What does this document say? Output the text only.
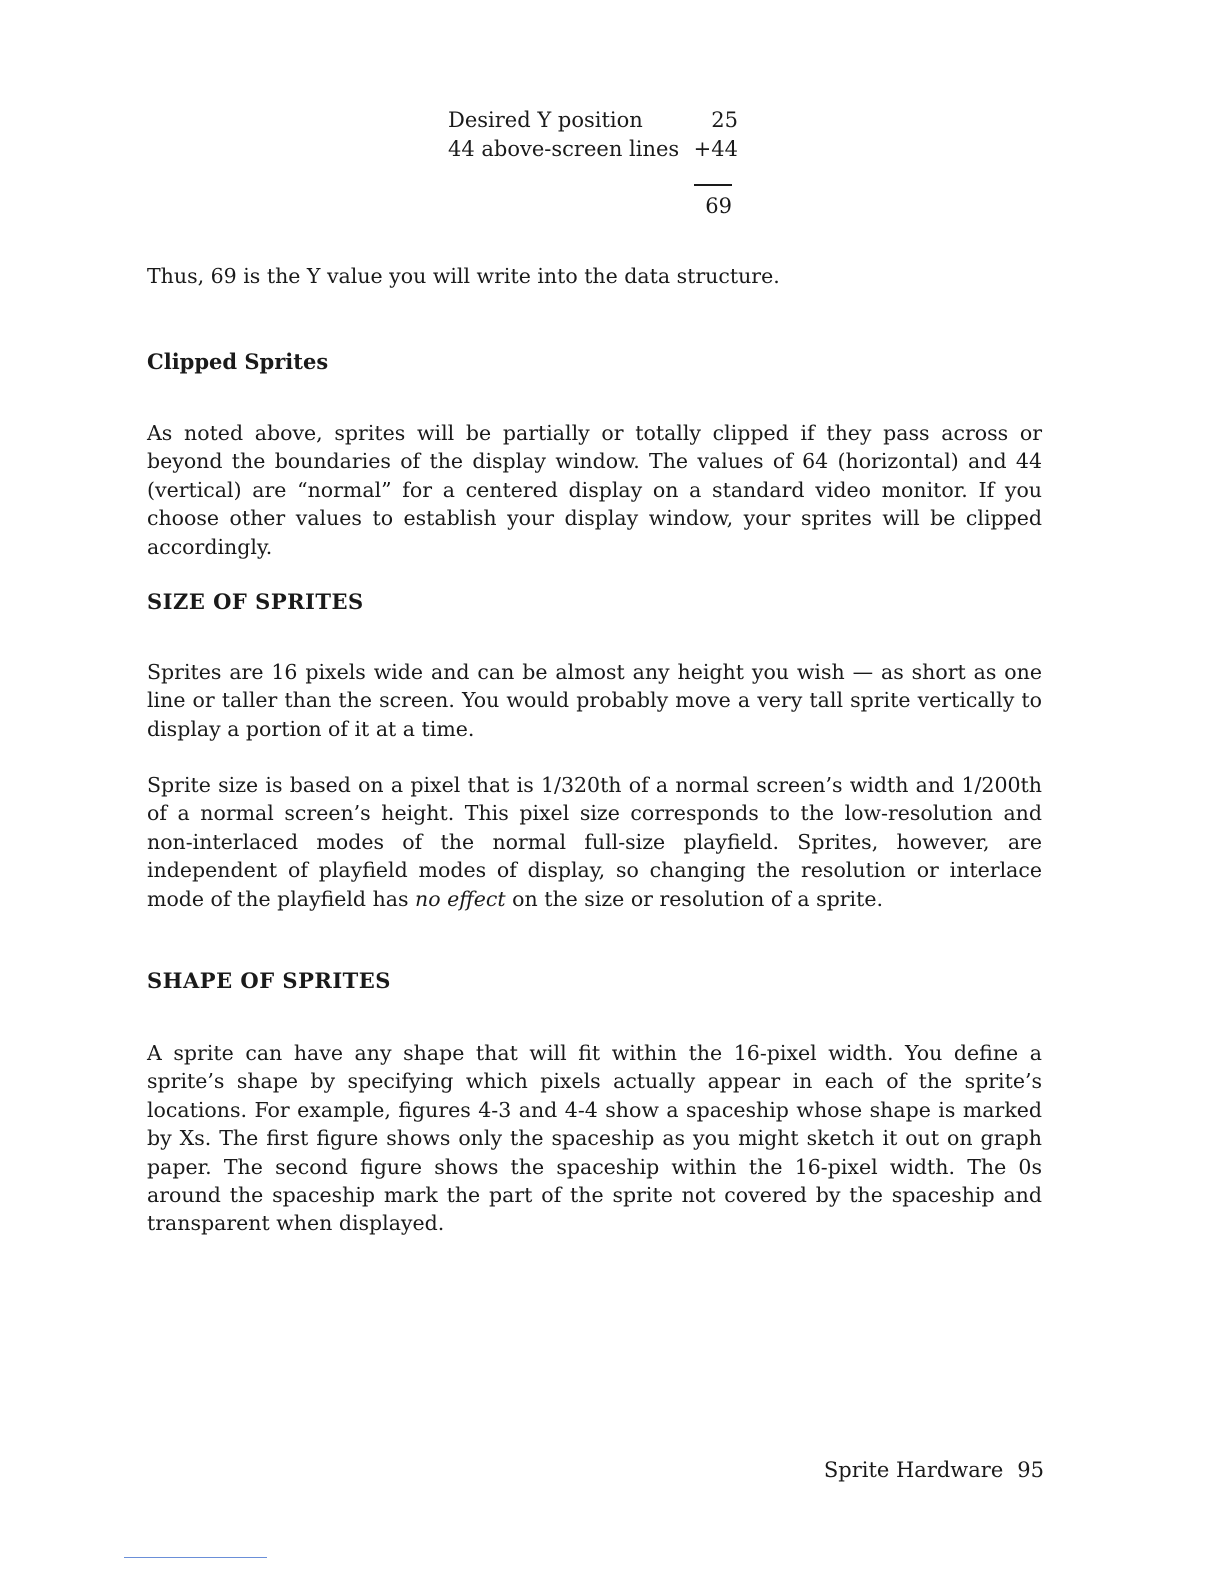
Desired Y position	25
44 above-screen lines +44
69

Thus, 69 is the Y value you will write into the data structure.

Clipped Sprites

As noted above, sprites will be partially or totally clipped if they pass across or beyond the boundaries of the display window. The values of 64 (horizontal) and 44 (vertical) are “normal” for a centered display on a standard video monitor. If you choose other values to establish your display window, your sprites will be clipped accordingly.

SIZE OF SPRITES

Sprites are 16 pixels wide and can be almost any height you wish — as short as one line or taller than the screen. You would probably move a very tall sprite vertically to display a portion of it at a time.

Sprite size is based on a pixel that is 1/320th of a normal screen’s width and 1/200th of a normal screen’s height. This pixel size corresponds to the low-resolution and non-interlaced modes of the normal full-size playfield. Sprites, however, are independent of playfield modes of display, so changing the resolution or interlace mode of the playfield has no effect on the size or resolution of a sprite.

SHAPE OF SPRITES

A sprite can have any shape that will fit within the 16-pixel width. You define a sprite’s shape by specifying which pixels actually appear in each of the sprite’s locations. For example, figures 4-3 and 4-4 show a spaceship whose shape is marked by Xs. The first figure shows only the spaceship as you might sketch it out on graph paper. The second figure shows the spaceship within the 16-pixel width. The 0s around the spaceship mark the part of the sprite not covered by the spaceship and transparent when displayed.

Sprite Hardware 95
